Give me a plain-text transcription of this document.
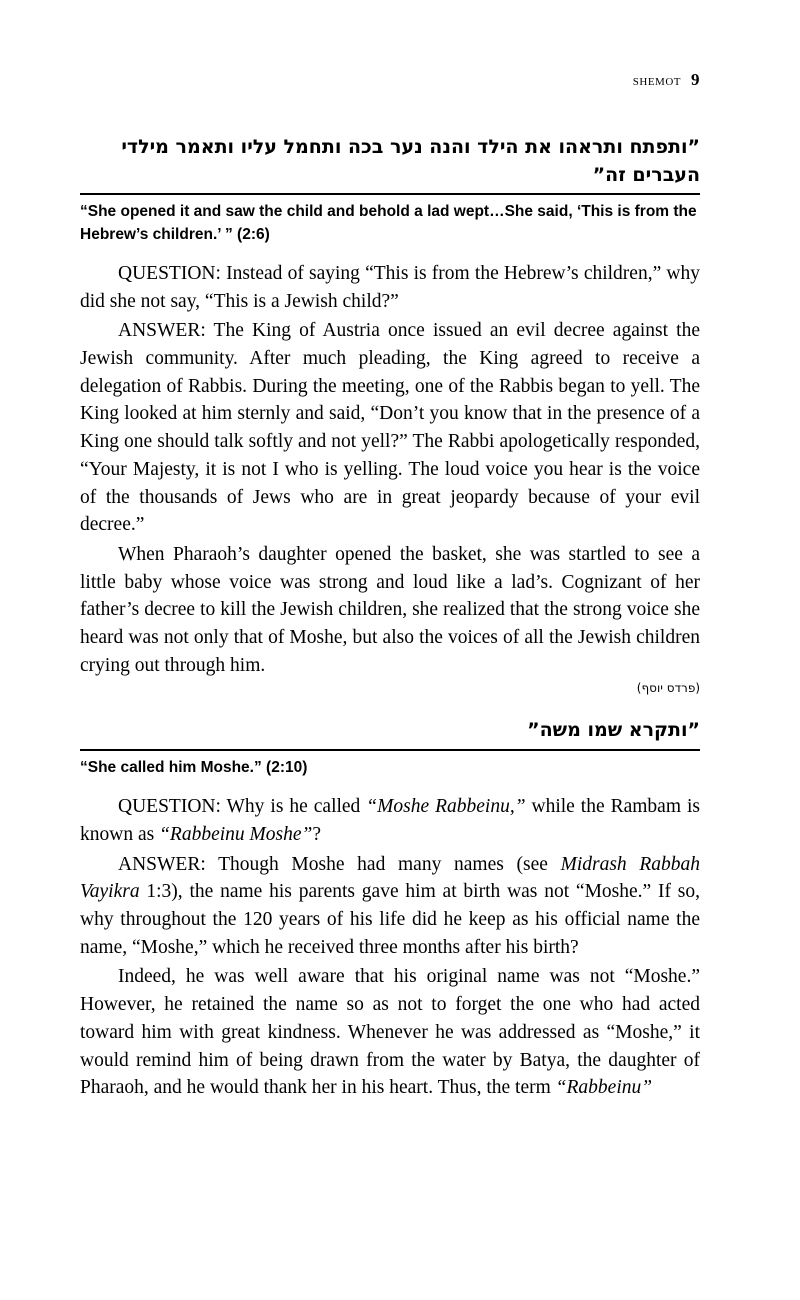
shemot 9
”ותפתח ותראהו את הילד והנה נער בכה ותחמל עליו ותאמר מילדי העברים זה”
“She opened it and saw the child and behold a lad wept…She said, ‘This is from the Hebrew’s children.’ ” (2:6)

QUESTION: Instead of saying “This is from the Hebrew’s children,” why did she not say, “This is a Jewish child?”

ANSWER: The King of Austria once issued an evil decree against the Jewish community. After much pleading, the King agreed to receive a delegation of Rabbis. During the meeting, one of the Rabbis began to yell. The King looked at him sternly and said, “Don’t you know that in the presence of a King one should talk softly and not yell?” The Rabbi apologetically responded, “Your Majesty, it is not I who is yelling. The loud voice you hear is the voice of the thousands of Jews who are in great jeopardy because of your evil decree.”

When Pharaoh’s daughter opened the basket, she was startled to see a little baby whose voice was strong and loud like a lad’s. Cognizant of her father’s decree to kill the Jewish children, she realized that the strong voice she heard was not only that of Moshe, but also the voices of all the Jewish children crying out through him.

(פרדס יוסף)
”ותקרא שמו משה”
“She called him Moshe.” (2:10)

QUESTION: Why is he called “Moshe Rabbeinu,” while the Rambam is known as “Rabbeinu Moshe”?

ANSWER: Though Moshe had many names (see Midrash Rabbah Vayikra 1:3), the name his parents gave him at birth was not “Moshe.” If so, why throughout the 120 years of his life did he keep as his official name the name, “Moshe,” which he received three months after his birth?

Indeed, he was well aware that his original name was not “Moshe.” However, he retained the name so as not to forget the one who had acted toward him with great kindness. Whenever he was addressed as “Moshe,” it would remind him of being drawn from the water by Batya, the daughter of Pharaoh, and he would thank her in his heart. Thus, the term “Rabbeinu”
